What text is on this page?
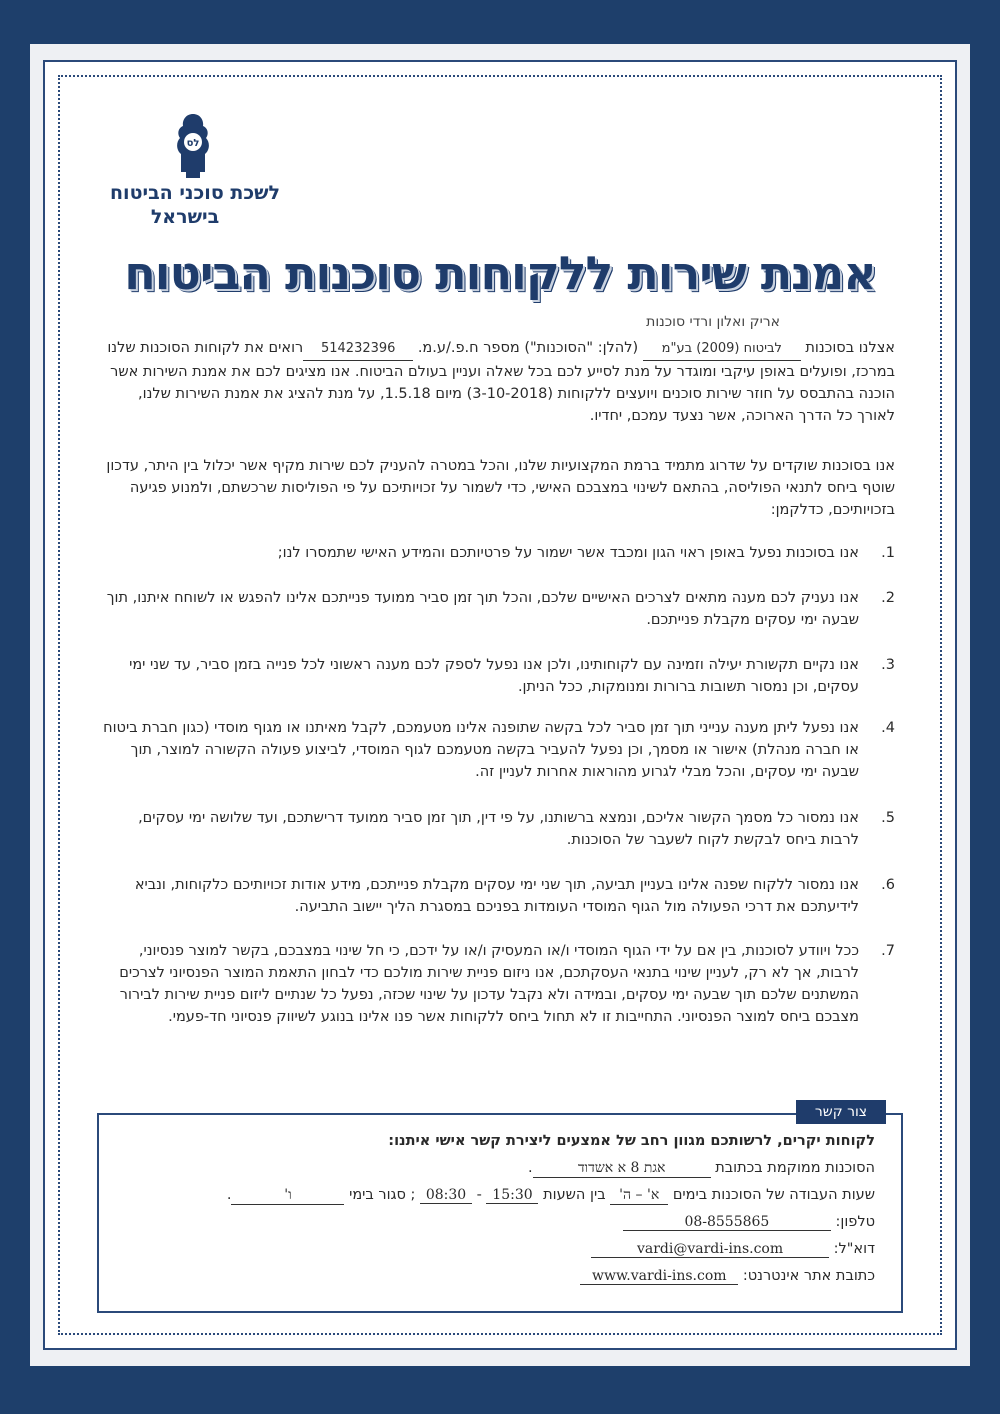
לס
לשכת סוכני הביטוח
בישראל
אמנת שירות ללקוחות סוכנות הביטוח
אריק ואלון ורדי סוכנות
אצלנו בסוכנות לביטוח (2009) בע"מ (להלן: "הסוכנות") מספר ח.פ./ע.מ. 514232396רואים את לקוחות הסוכנות שלנו במרכז, ופועלים באופן עיקבי ומוגדר על מנת לסייע לכם בכל שאלה ועניין בעולם הביטוח. אנו מציגים לכם את אמנת השירות אשר הוכנה בהתבסס על חוזר שירות סוכנים ויועצים ללקוחות (3-10-2018) מיום 1.5.18, על מנת להציג את אמנת השירות שלנו, לאורך כל הדרך הארוכה, אשר נצעד עמכם, יחדיו.
אנו בסוכנות שוקדים על שדרוג מתמיד ברמת המקצועיות שלנו, והכל במטרה להעניק לכם שירות מקיף אשר יכלול בין היתר, עדכון שוטף ביחס לתנאי הפוליסה, בהתאם לשינוי במצבכם האישי, כדי לשמור על זכויותיכם על פי הפוליסות שרכשתם, ולמנוע פגיעה בזכויותיכם, כדלקמן:
1.
אנו בסוכנות נפעל באופן ראוי הגון ומכבד אשר ישמור על פרטיותכם והמידע האישי שתמסרו לנו;
2.
אנו נעניק לכם מענה מתאים לצרכים האישיים שלכם, והכל תוך זמן סביר ממועד פנייתכם אלינו להפגש או לשוחח איתנו, תוך שבעה ימי עסקים מקבלת פנייתכם.
3.
אנו נקיים תקשורת יעילה וזמינה עם לקוחותינו, ולכן אנו נפעל לספק לכם מענה ראשוני לכל פנייה בזמן סביר, עד שני ימי עסקים, וכן נמסור תשובות ברורות ומנומקות, ככל הניתן.
4.
אנו נפעל ליתן מענה ענייני תוך זמן סביר לכל בקשה שתופנה אלינו מטעמכם, לקבל מאיתנו או מגוף מוסדי (כגון חברת ביטוח או חברה מנהלת) אישור או מסמך, וכן נפעל להעביר בקשה מטעמכם לגוף המוסדי, לביצוע פעולה הקשורה למוצר, תוך שבעה ימי עסקים, והכל מבלי לגרוע מהוראות אחרות לעניין זה.
5.
אנו נמסור כל מסמך הקשור אליכם, ונמצא ברשותנו, על פי דין, תוך זמן סביר ממועד דרישתכם, ועד שלושה ימי עסקים, לרבות ביחס לבקשת לקוח לשעבר של הסוכנות.
6.
אנו נמסור ללקוח שפנה אלינו בעניין תביעה, תוך שני ימי עסקים מקבלת פנייתכם, מידע אודות זכויותיכם כלקוחות, ונביא לידיעתכם את דרכי הפעולה מול הגוף המוסדי העומדות בפניכם במסגרת הליך יישוב התביעה.
7.
ככל ויוודע לסוכנות, בין אם על ידי הגוף המוסדי ו/או המעסיק ו/או על ידכם, כי חל שינוי במצבכם, בקשר למוצר פנסיוני, לרבות, אך לא רק, לעניין שינוי בתנאי העסקתכם, אנו ניזום פניית שירות מולכם כדי לבחון התאמת המוצר הפנסיוני לצרכים המשתנים שלכם תוך שבעה ימי עסקים, ובמידה ולא נקבל עדכון על שינוי שכזה, נפעל כל שנתיים ליזום פניית שירות לבירור מצבכם ביחס למוצר הפנסיוני. התחייבות זו לא תחול ביחס ללקוחות אשר פנו אלינו בנוגע לשיווק פנסיוני חד-פעמי.
צור קשר
לקוחות יקרים, לרשותכם מגוון רחב של אמצעים ליצירת קשר אישי איתנו:
הסוכנות ממוקמת בכתובת אגת 8 א אשדוד.
שעות העבודה של הסוכנות בימים א' – ה' בין השעות 15:30 - 08:30 ; סגור בימי ו'.
טלפון: 08-8555865
דוא"ל: vardi@vardi-ins.com
כתובת אתר אינטרנט: www.vardi-ins.com
